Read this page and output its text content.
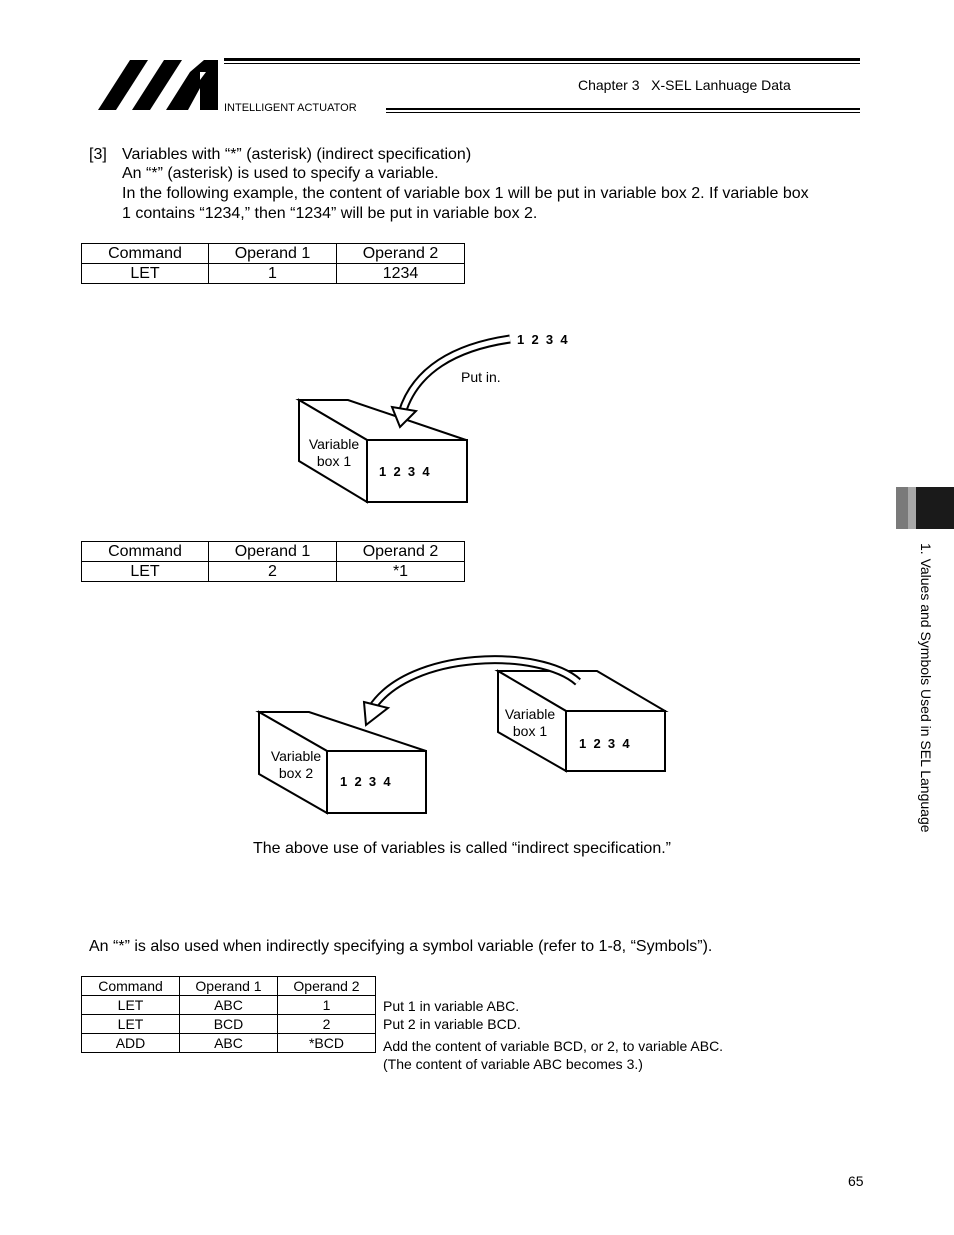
INTELLIGENT ACTUATOR
Chapter 3   X-SEL Lanhuage Data
[3] Variables with “*” (asterisk) (indirect specification)
An “*” (asterisk) is used to specify a variable.
In the following example, the content of variable box 1 will be put in variable box 2. If variable box
1 contains “1234,” then “1234” will be put in variable box 2.
Command	Operand 1	Operand 2
LET	1	1234
1  2  3  4
Put in.
Variable
box 1
1  2  3  4
Command	Operand 1	Operand 2
LET	2	*1
Variable
box 2
1  2  3  4
Variable
box 1
1  2  3  4
The above use of variables is called “indirect specification.”
An “*” is also used when indirectly specifying a symbol variable (refer to 1-8, “Symbols”).
Command	Operand 1	Operand 2
LET	ABC	1
LET	BCD	2
ADD	ABC	*BCD
Put 1 in variable ABC.
Put 2 in variable BCD.
Add the content of variable BCD, or 2, to variable ABC.
(The content of variable ABC becomes 3.)
1. Values and Symbols Used in SEL Language
65
